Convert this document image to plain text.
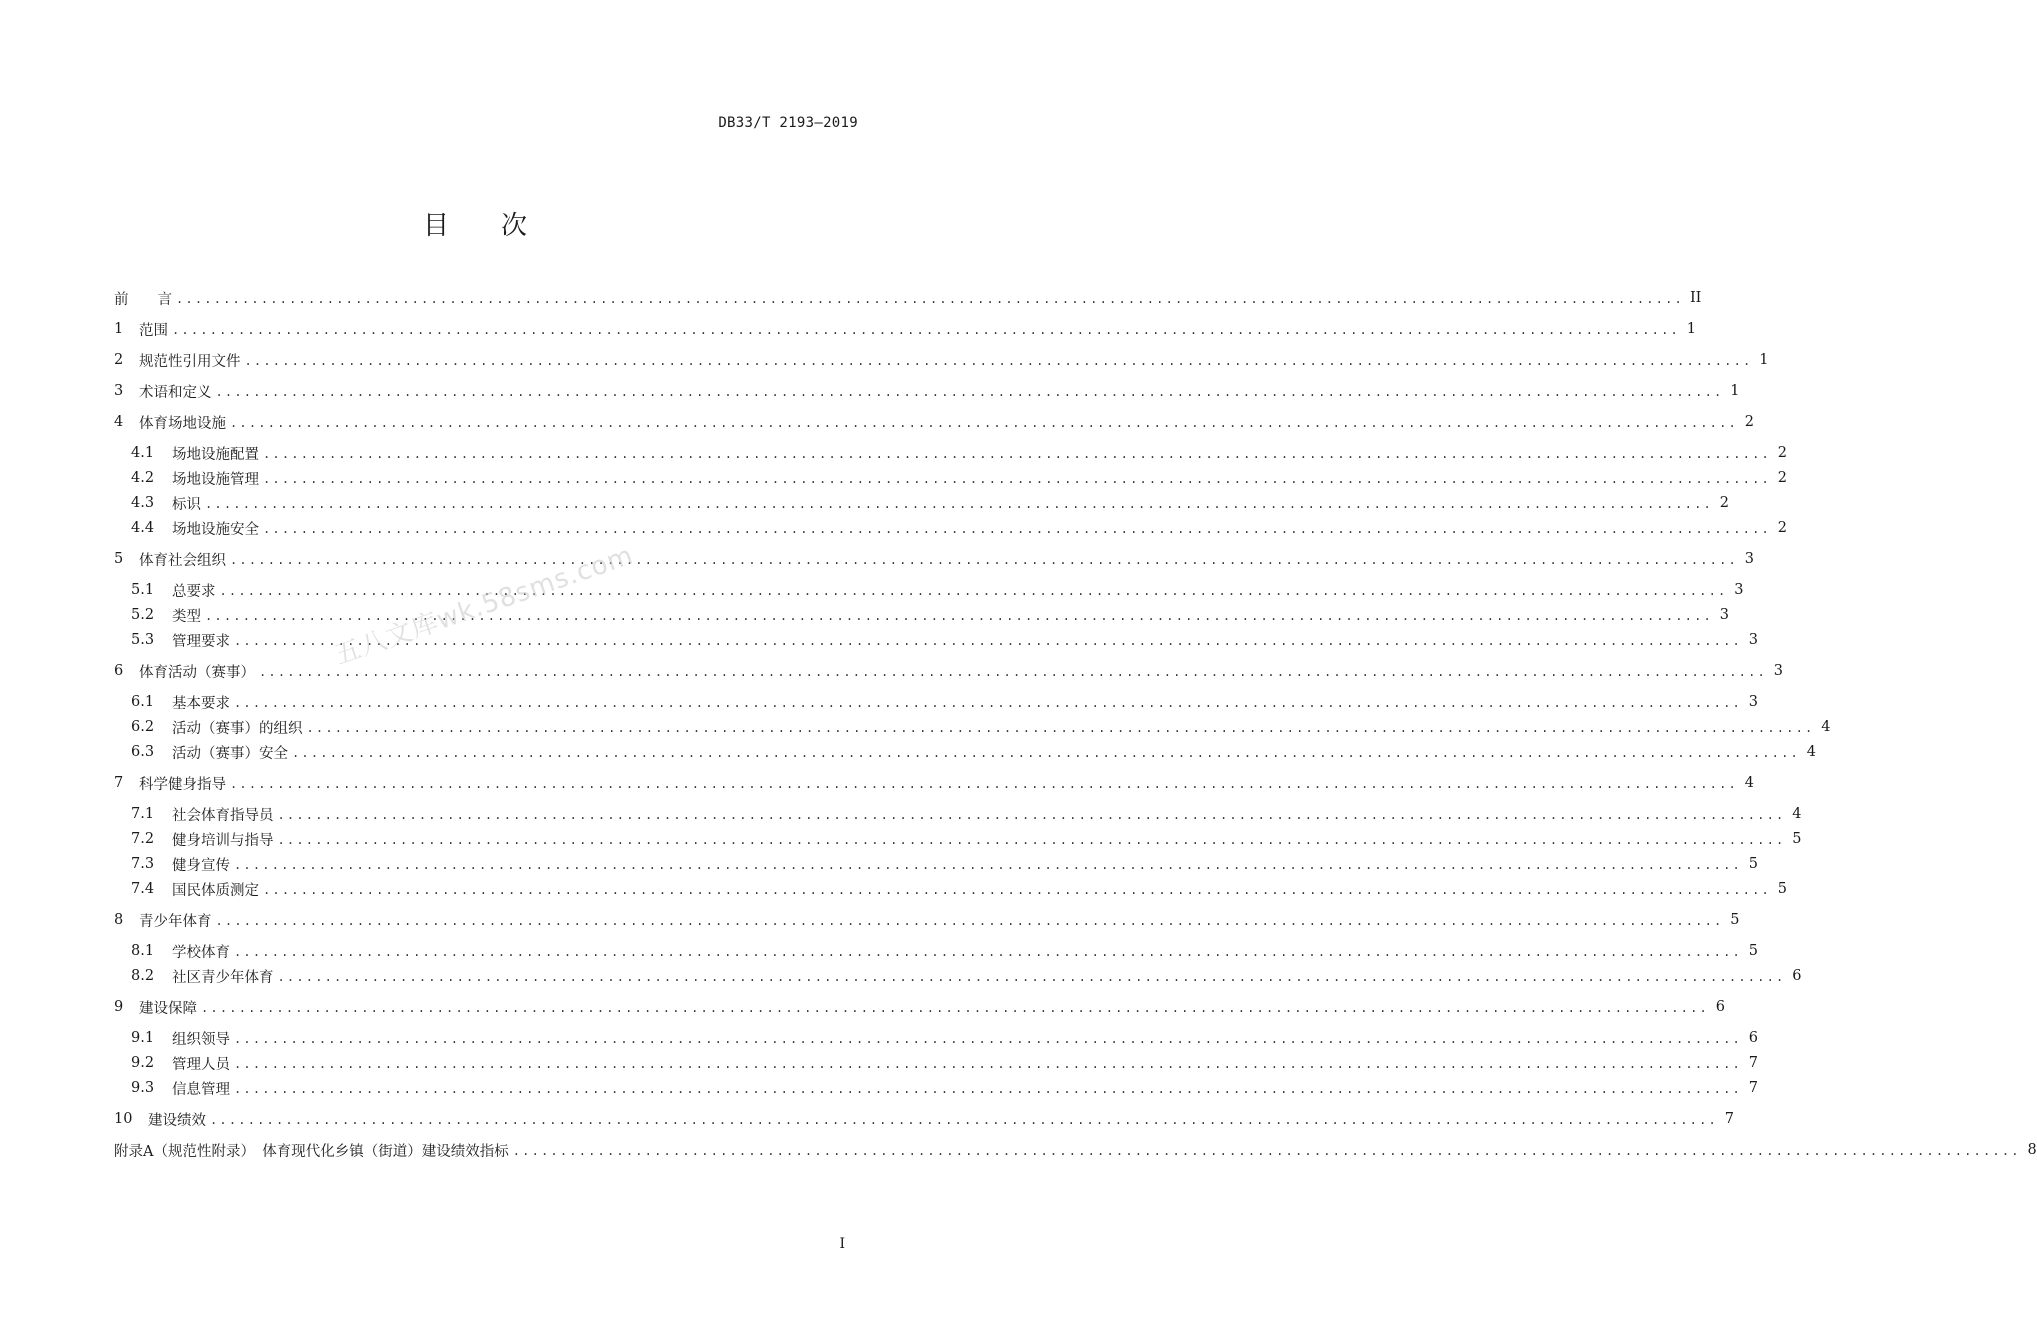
DB33/T 2193—2019
目 次
前　　言 ................................................................................................................................................................ II
1	范围 ................................................................................................................................................................ 1
2	规范性引用文件 ................................................................................................................................................................ 1
3	术语和定义 ................................................................................................................................................................ 1
4	体育场地设施 ................................................................................................................................................................ 2
4.1	场地设施配置 ................................................................................................................................................................ 2
4.2	场地设施管理 ................................................................................................................................................................ 2
4.3	标识 ................................................................................................................................................................ 2
4.4	场地设施安全 ................................................................................................................................................................ 2
5	体育社会组织 ................................................................................................................................................................ 3
5.1	总要求 ................................................................................................................................................................ 3
5.2	类型 ................................................................................................................................................................ 3
5.3	管理要求 ................................................................................................................................................................ 3
6	体育活动（赛事） ................................................................................................................................................................ 3
6.1	基本要求 ................................................................................................................................................................ 3
6.2	活动（赛事）的组织 ................................................................................................................................................................ 4
6.3	活动（赛事）安全 ................................................................................................................................................................ 4
7	科学健身指导 ................................................................................................................................................................ 4
7.1	社会体育指导员 ................................................................................................................................................................ 4
7.2	健身培训与指导 ................................................................................................................................................................ 5
7.3	健身宣传 ................................................................................................................................................................ 5
7.4	国民体质测定 ................................................................................................................................................................ 5
8	青少年体育 ................................................................................................................................................................ 5
8.1	学校体育 ................................................................................................................................................................ 5
8.2	社区青少年体育 ................................................................................................................................................................ 6
9	建设保障 ................................................................................................................................................................ 6
9.1	组织领导 ................................................................................................................................................................ 6
9.2	管理人员 ................................................................................................................................................................ 7
9.3	信息管理 ................................................................................................................................................................ 7
10	建设绩效 ................................................................................................................................................................ 7
附录A（规范性附录）　体育现代化乡镇（街道）建设绩效指标 ................................................................................................................................................................ 8
五八文库wk.58sms.com
I
